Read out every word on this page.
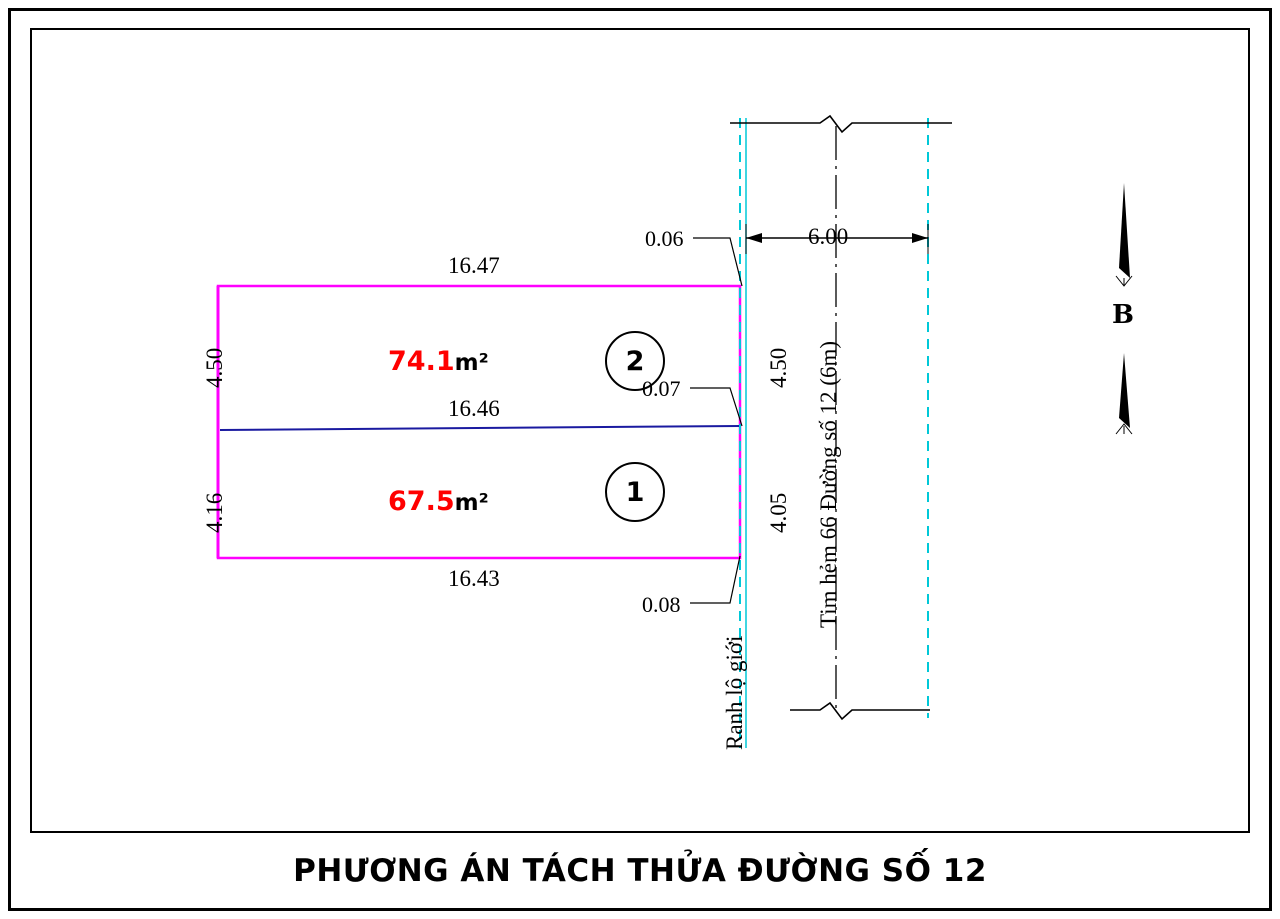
16.47
16.46
16.43
4.50
4.16
4.50
4.05
0.06
0.07
0.08
6.00
74.1m²
67.5m²
2
1	Tim hẻm 66 Đường số 12 (6m)
Ranh lộ giới
B
PHƯƠNG ÁN TÁCH THỬA ĐƯỜNG SỐ 12
